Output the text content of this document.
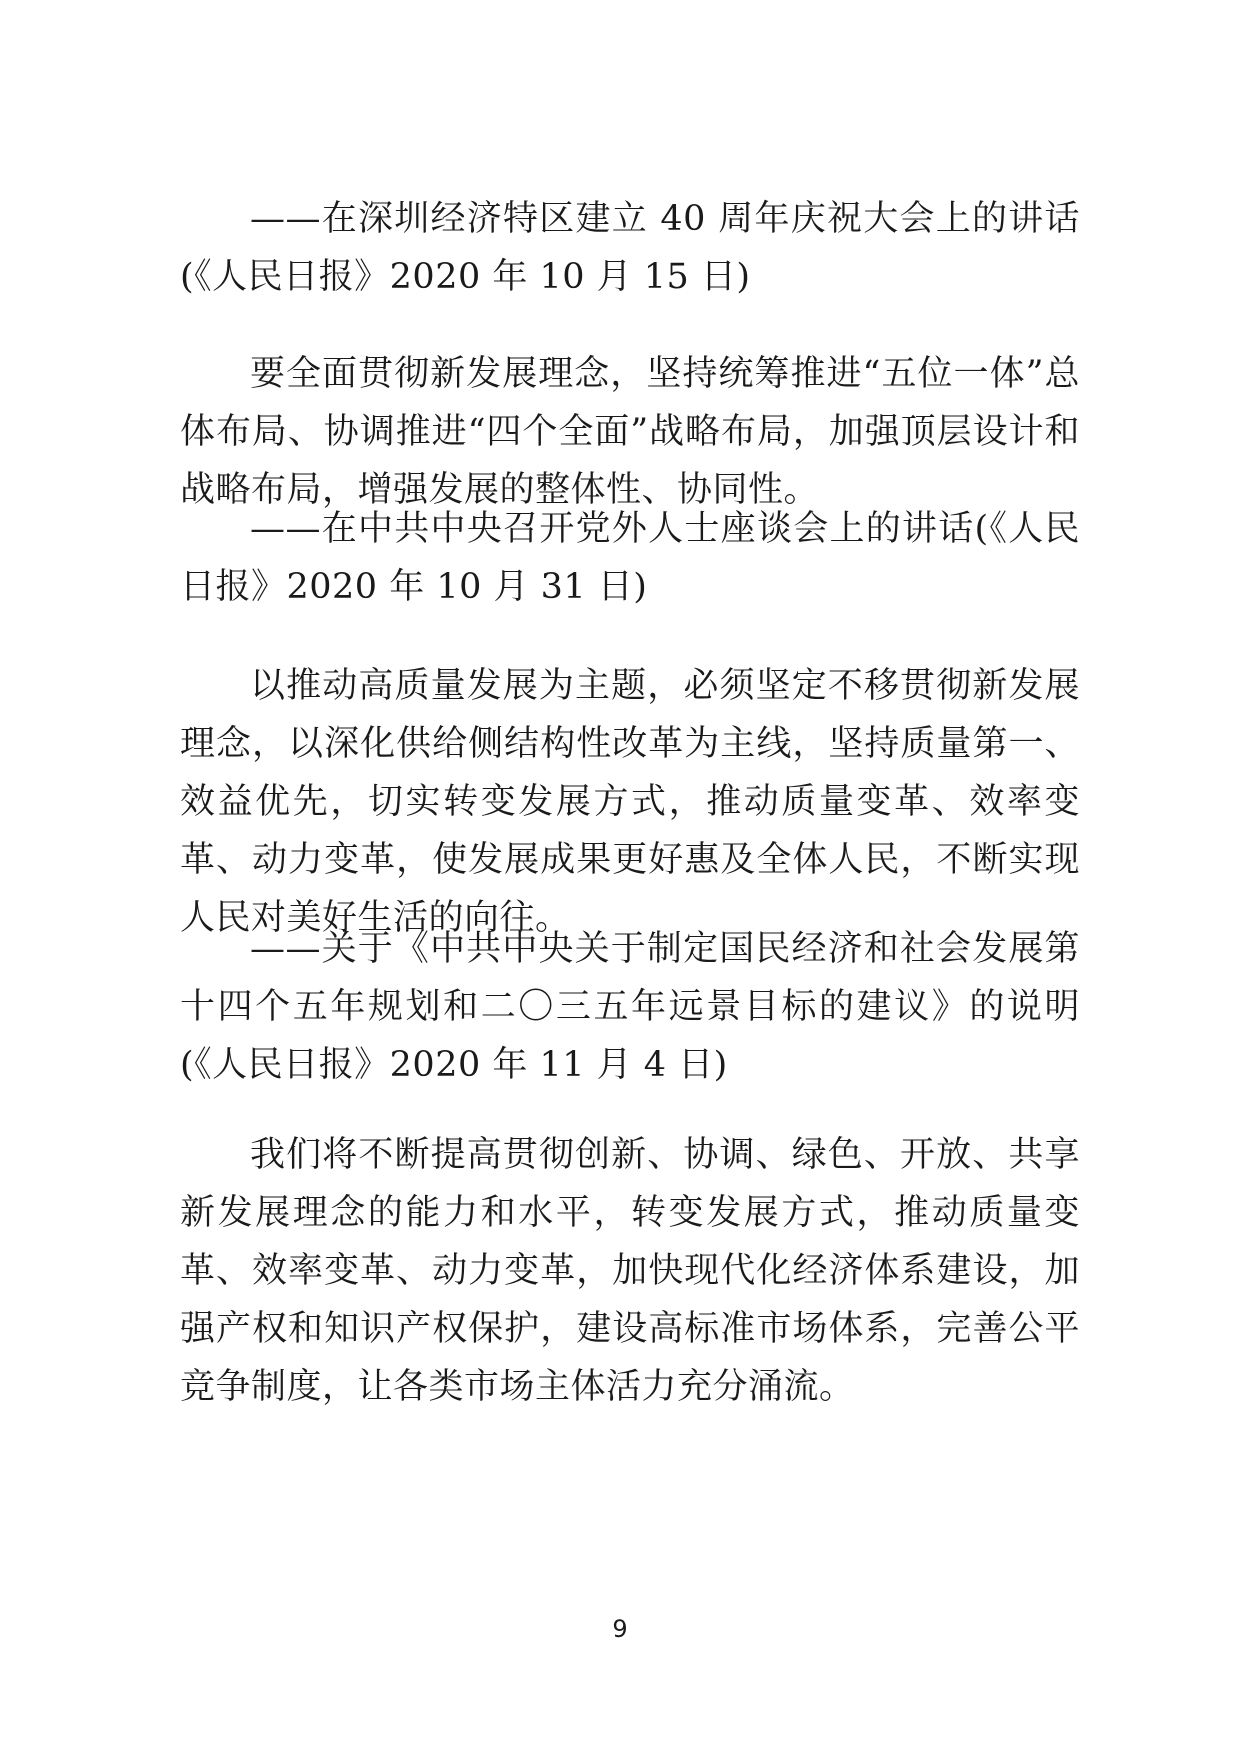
——在深圳经济特区建立 40 周年庆祝大会上的讲话(《人民日报》2020 年 10 月 15 日)

要全面贯彻新发展理念，坚持统筹推进“五位一体”总体布局、协调推进“四个全面”战略布局，加强顶层设计和战略布局，增强发展的整体性、协同性。

——在中共中央召开党外人士座谈会上的讲话(《人民日报》2020 年 10 月 31 日)

以推动高质量发展为主题，必须坚定不移贯彻新发展理念，以深化供给侧结构性改革为主线，坚持质量第一、效益优先，切实转变发展方式，推动质量变革、效率变革、动力变革，使发展成果更好惠及全体人民，不断实现人民对美好生活的向往。

——关于《中共中央关于制定国民经济和社会发展第十四个五年规划和二〇三五年远景目标的建议》的说明(《人民日报》2020 年 11 月 4 日)

我们将不断提高贯彻创新、协调、绿色、开放、共享新发展理念的能力和水平，转变发展方式，推动质量变革、效率变革、动力变革，加快现代化经济体系建设，加强产权和知识产权保护，建设高标准市场体系，完善公平竞争制度，让各类市场主体活力充分涌流。

9
